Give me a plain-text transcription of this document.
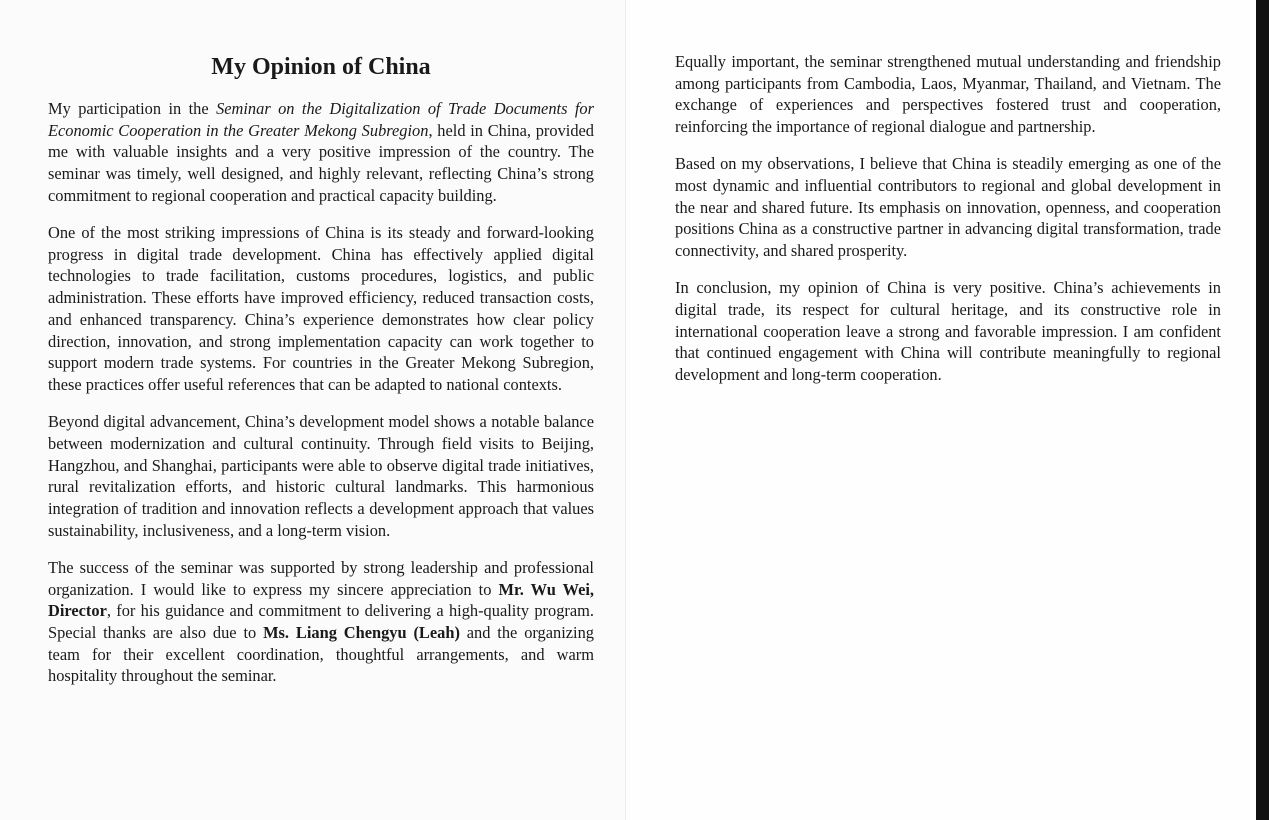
My Opinion of China

My participation in the Seminar on the Digitalization of Trade Documents for Economic Cooperation in the Greater Mekong Subregion, held in China, provided me with valuable insights and a very positive impression of the country. The seminar was timely, well designed, and highly relevant, reflecting China’s strong commitment to regional cooperation and practical capacity building.

One of the most striking impressions of China is its steady and forward-looking progress in digital trade development. China has effectively applied digital technologies to trade facilitation, customs procedures, logistics, and public administration. These efforts have improved efficiency, reduced transaction costs, and enhanced transparency. China’s experience demonstrates how clear policy direction, innovation, and strong implementation capacity can work together to support modern trade systems. For countries in the Greater Mekong Subregion, these practices offer useful references that can be adapted to national contexts.

Beyond digital advancement, China’s development model shows a notable balance between modernization and cultural continuity. Through field visits to Beijing, Hangzhou, and Shanghai, participants were able to observe digital trade initiatives, rural revitalization efforts, and historic cultural landmarks. This harmonious integration of tradition and innovation reflects a development approach that values sustainability, inclusiveness, and a long-term vision.

The success of the seminar was supported by strong leadership and professional organization. I would like to express my sincere appreciation to Mr. Wu Wei, Director, for his guidance and commitment to delivering a high-quality program. Special thanks are also due to Ms. Liang Chengyu (Leah) and the organizing team for their excellent coordination, thoughtful arrangements, and warm hospitality throughout the seminar.

Equally important, the seminar strengthened mutual understanding and friendship among participants from Cambodia, Laos, Myanmar, Thailand, and Vietnam. The exchange of experiences and perspectives fostered trust and cooperation, reinforcing the importance of regional dialogue and partnership.

Based on my observations, I believe that China is steadily emerging as one of the most dynamic and influential contributors to regional and global development in the near and shared future. Its emphasis on innovation, openness, and cooperation positions China as a constructive partner in advancing digital transformation, trade connectivity, and shared prosperity.

In conclusion, my opinion of China is very positive. China’s achievements in digital trade, its respect for cultural heritage, and its constructive role in international cooperation leave a strong and favorable impression. I am confident that continued engagement with China will contribute meaningfully to regional development and long-term cooperation.
